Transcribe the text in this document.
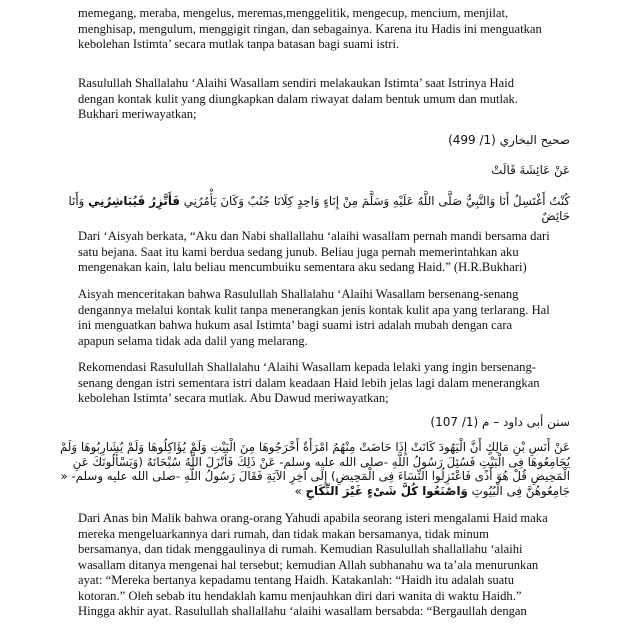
memegang, meraba, mengelus, meremas,menggelitik, mengecup, mencium, menjilat,
menghisap, mengulum, menggigit ringan, dan sebagainya. Karena itu Hadis ini menguatkan
kebolehan Istimta’ secara mutlak tanpa batasan bagi suami istri.

Rasulullah Shallalahu ‘Alaihi Wasallam sendiri melakaukan Istimta’ saat Istrinya Haid
dengan kontak kulit yang diungkapkan dalam riwayat dalam bentuk umum dan mutlak.
Bukhari meriwayatkan;

صحيح البخاري (1/ 499)

عَنْ عَائِشَةَ قَالَتْ

كُنْتُ أَغْتَسِلُ أَنَا وَالنَّبِيُّ صَلَّى اللَّهُ عَلَيْهِ وَسَلَّمَ مِنْ إِنَاءٍ وَاحِدٍ كِلَانَا جُنُبٌ وَكَانَ يَأْمُرُنِي فَأَتَّزِرُ فَيُبَاشِرُنِي وَأَنَا حَائِضٌ

Dari ‘Aisyah berkata, “Aku dan Nabi shallallahu ‘alaihi wasallam pernah mandi bersama dari
satu bejana. Saat itu kami berdua sedang junub. Beliau juga pernah memerintahkan aku
mengenakan kain, lalu beliau mencumbuiku sementara aku sedang Haid.” (H.R.Bukhari)

Aisyah menceritakan bahwa Rasulullah Shallalahu ‘Alaihi Wasallam bersenang-senang
dengannya melalui kontak kulit tanpa menerangkan jenis kontak kulit apa yang terlarang. Hal
ini menguatkan bahwa hukum asal Istimta’ bagi suami istri adalah mubah dengan cara
apapun selama tidak ada dalil yang melarang.

Rekomendasi Rasulullah Shallalahu ‘Alaihi Wasallam kepada lelaki yang ingin bersenang-
senang dengan istri sementara istri dalam keadaan Haid lebih jelas lagi dalam menerangkan
kebolehan Istimta’ secara mutlak. Abu Dawud meriwayatkan;

سنن أبى داود – م (1/ 107)

عَنْ أَنَسِ بْنِ مَالِكٍ أَنَّ الْيَهُودَ كَانَتْ إِذَا حَاضَتْ مِنْهُمُ امْرَأَةٌ أَخْرَجُوهَا مِنَ الْبَيْتِ وَلَمْ يُؤَاكِلُوهَا وَلَمْ يُشَارِبُوهَا وَلَمْ يُجَامِعُوهَا فِى الْبَيْتِ فَسُئِلَ رَسُولُ اللَّهِ -صلى الله عليه وسلم- عَنْ ذَلِكَ فَأَنْزَلَ اللَّهُ سُبْحَانَهُ (وَيَسْأَلُونَكَ عَنِ الْمَحِيضِ قُلْ هُوَ أَذًى فَاعْتَزِلُوا النِّسَاءَ فِى الْمَحِيضِ) إِلَى آخِرِ الآيَةِ فَقَالَ رَسُولُ اللَّهِ -صلى الله عليه وسلم- « جَامِعُوهُنَّ فِى الْبُيُوتِ وَاصْنَعُوا كُلَّ شَىْءٍ غَيْرَ النِّكَاحِ »

Dari Anas bin Malik bahwa orang-orang Yahudi apabila seorang isteri mengalami Haid maka
mereka mengeluarkannya dari rumah, dan tidak makan bersamanya, tidak minum
bersamanya, dan tidak menggaulinya di rumah. Kemudian Rasulullah shallallahu ‘alaihi
wasallam ditanya mengenai hal tersebut; kemudian Allah subhanahu wa ta’ala menurunkan
ayat: “Mereka bertanya kepadamu tentang Haidh. Katakanlah: “Haidh itu adalah suatu
kotoran.” Oleh sebab itu hendaklah kamu menjauhkan diri dari wanita di waktu Haidh.”
Hingga akhir ayat. Rasulullah shallallahu ‘alaihi wasallam bersabda: “Bergaullah dengan
